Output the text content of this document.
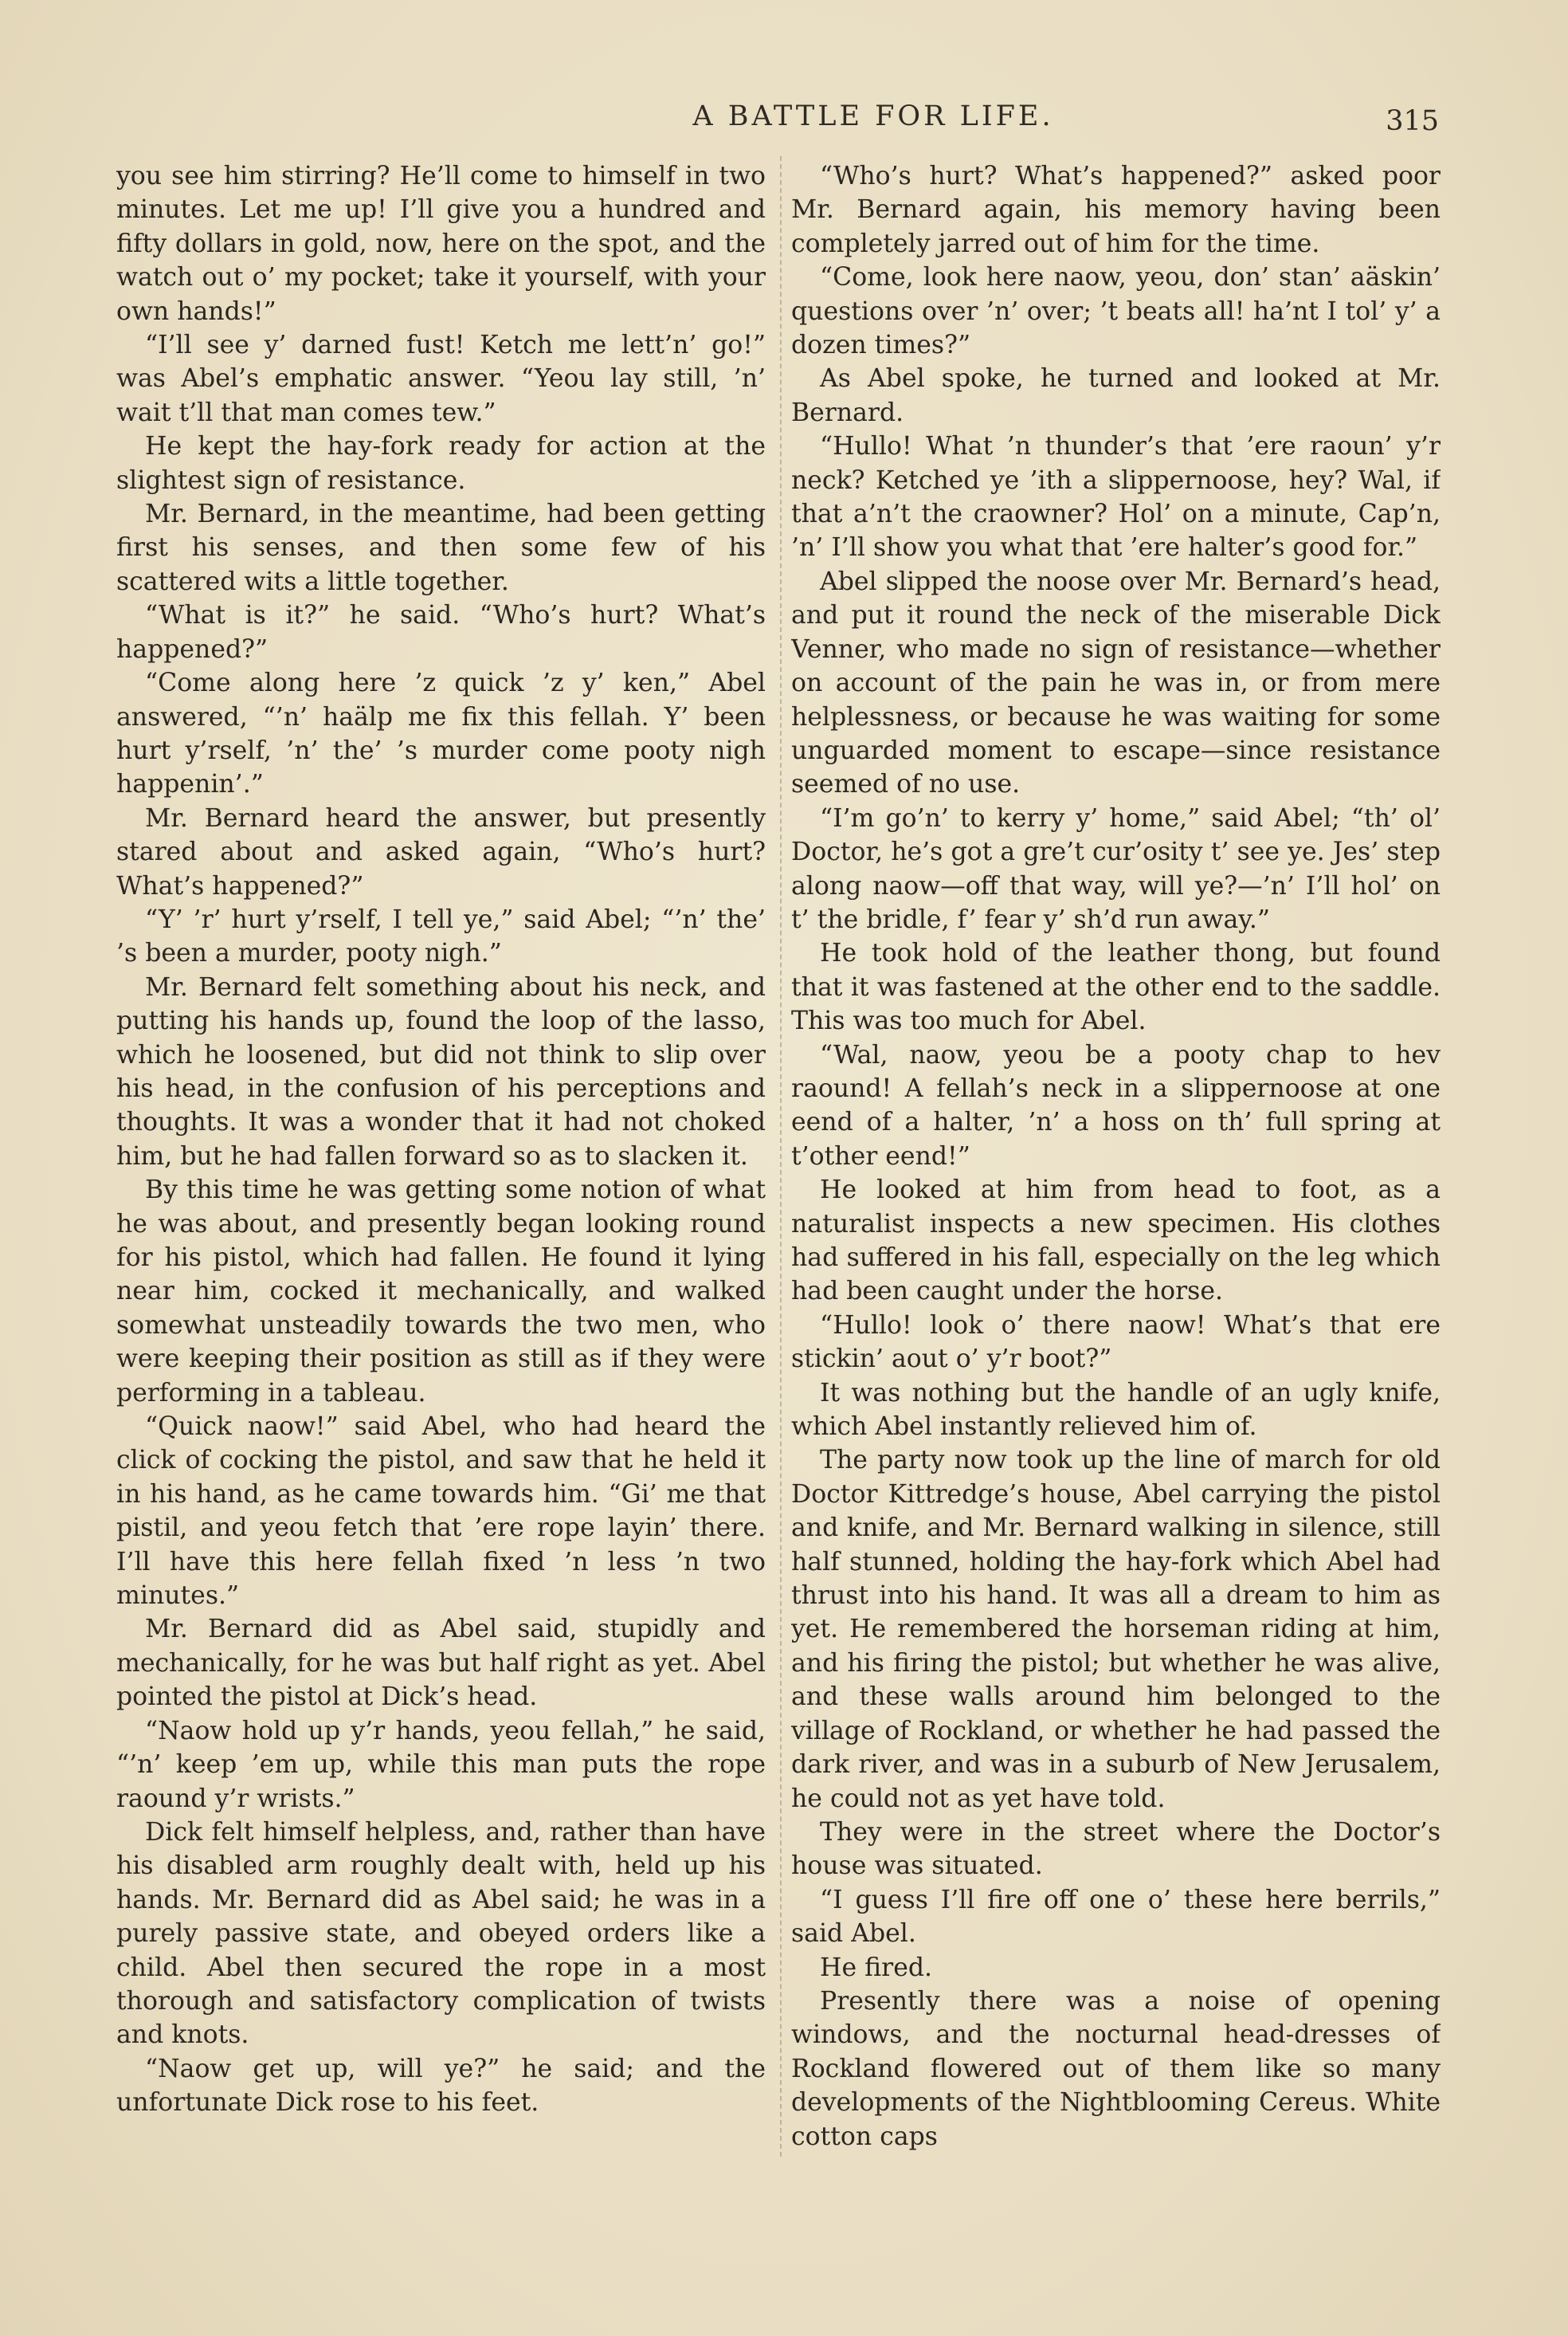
A BATTLE FOR LIFE.	315

you see him stirring? He’ll come to himself in two minutes. Let me up! I’ll give you a hundred and fifty dollars in gold, now, here on the spot, and the watch out o’ my pocket; take it yourself, with your own hands!”

“I’ll see y’ darned fust! Ketch me lett’n’ go!” was Abel’s emphatic answer. “Yeou lay still, ’n’ wait t’ll that man comes tew.”

He kept the hay-fork ready for action at the slightest sign of resistance.

Mr. Bernard, in the meantime, had been getting first his senses, and then some few of his scattered wits a little together.

“What is it?” he said. “Who’s hurt? What’s happened?”

“Come along here ’z quick ’z y’ ken,” Abel answered, “’n’ haälp me fix this fellah. Y’ been hurt y’rself, ’n’ the’ ’s murder come pooty nigh happenin’.”

Mr. Bernard heard the answer, but presently stared about and asked again, “Who’s hurt? What’s happened?”

“Y’ ’r’ hurt y’rself, I tell ye,” said Abel; “’n’ the’ ’s been a murder, pooty nigh.”

Mr. Bernard felt something about his neck, and putting his hands up, found the loop of the lasso, which he loosened, but did not think to slip over his head, in the confusion of his perceptions and thoughts. It was a wonder that it had not choked him, but he had fallen forward so as to slacken it.

By this time he was getting some notion of what he was about, and presently began looking round for his pistol, which had fallen. He found it lying near him, cocked it mechanically, and walked somewhat unsteadily towards the two men, who were keeping their position as still as if they were performing in a tableau.

“Quick naow!” said Abel, who had heard the click of cocking the pistol, and saw that he held it in his hand, as he came towards him. “Gi’ me that pistil, and yeou fetch that ’ere rope layin’ there. I’ll have this here fellah fixed ’n less ’n two minutes.”

Mr. Bernard did as Abel said, stupidly and mechanically, for he was but half right as yet. Abel pointed the pistol at Dick’s head.

“Naow hold up y’r hands, yeou fellah,” he said, “’n’ keep ’em up, while this man puts the rope raound y’r wrists.”

Dick felt himself helpless, and, rather than have his disabled arm roughly dealt with, held up his hands. Mr. Bernard did as Abel said; he was in a purely passive state, and obeyed orders like a child. Abel then secured the rope in a most thorough and satisfactory complication of twists and knots.

“Naow get up, will ye?” he said; and the unfortunate Dick rose to his feet.

“Who’s hurt? What’s happened?” asked poor Mr. Bernard again, his memory having been completely jarred out of him for the time.

“Come, look here naow, yeou, don’ stan’ aäskin’ questions over ’n’ over; ’t beats all! ha’nt I tol’ y’ a dozen times?”

As Abel spoke, he turned and looked at Mr. Bernard.

“Hullo! What ’n thunder’s that ’ere raoun’ y’r neck? Ketched ye ’ith a slippernoose, hey? Wal, if that a’n’t the craowner? Hol’ on a minute, Cap’n, ’n’ I’ll show you what that ’ere halter’s good for.”

Abel slipped the noose over Mr. Bernard’s head, and put it round the neck of the miserable Dick Venner, who made no sign of resistance—whether on account of the pain he was in, or from mere helplessness, or because he was waiting for some unguarded moment to escape—since resistance seemed of no use.

“I’m go’n’ to kerry y’ home,” said Abel; “th’ ol’ Doctor, he’s got a gre’t cur’osity t’ see ye. Jes’ step along naow—off that way, will ye?—’n’ I’ll hol’ on t’ the bridle, f’ fear y’ sh’d run away.”

He took hold of the leather thong, but found that it was fastened at the other end to the saddle. This was too much for Abel.

“Wal, naow, yeou be a pooty chap to hev raound! A fellah’s neck in a slippernoose at one eend of a halter, ’n’ a hoss on th’ full spring at t’other eend!”

He looked at him from head to foot, as a naturalist inspects a new specimen. His clothes had suffered in his fall, especially on the leg which had been caught under the horse.

“Hullo! look o’ there naow! What’s that ere stickin’ aout o’ y’r boot?”

It was nothing but the handle of an ugly knife, which Abel instantly relieved him of.

The party now took up the line of march for old Doctor Kittredge’s house, Abel carrying the pistol and knife, and Mr. Bernard walking in silence, still half stunned, holding the hay-fork which Abel had thrust into his hand. It was all a dream to him as yet. He remembered the horseman riding at him, and his firing the pistol; but whether he was alive, and these walls around him belonged to the village of Rockland, or whether he had passed the dark river, and was in a suburb of New Jerusalem, he could not as yet have told.

They were in the street where the Doctor’s house was situated.

“I guess I’ll fire off one o’ these here berrils,” said Abel.

He fired.

Presently there was a noise of opening windows, and the nocturnal head-dresses of Rockland flowered out of them like so many developments of the Nightblooming Cereus. White cotton caps
